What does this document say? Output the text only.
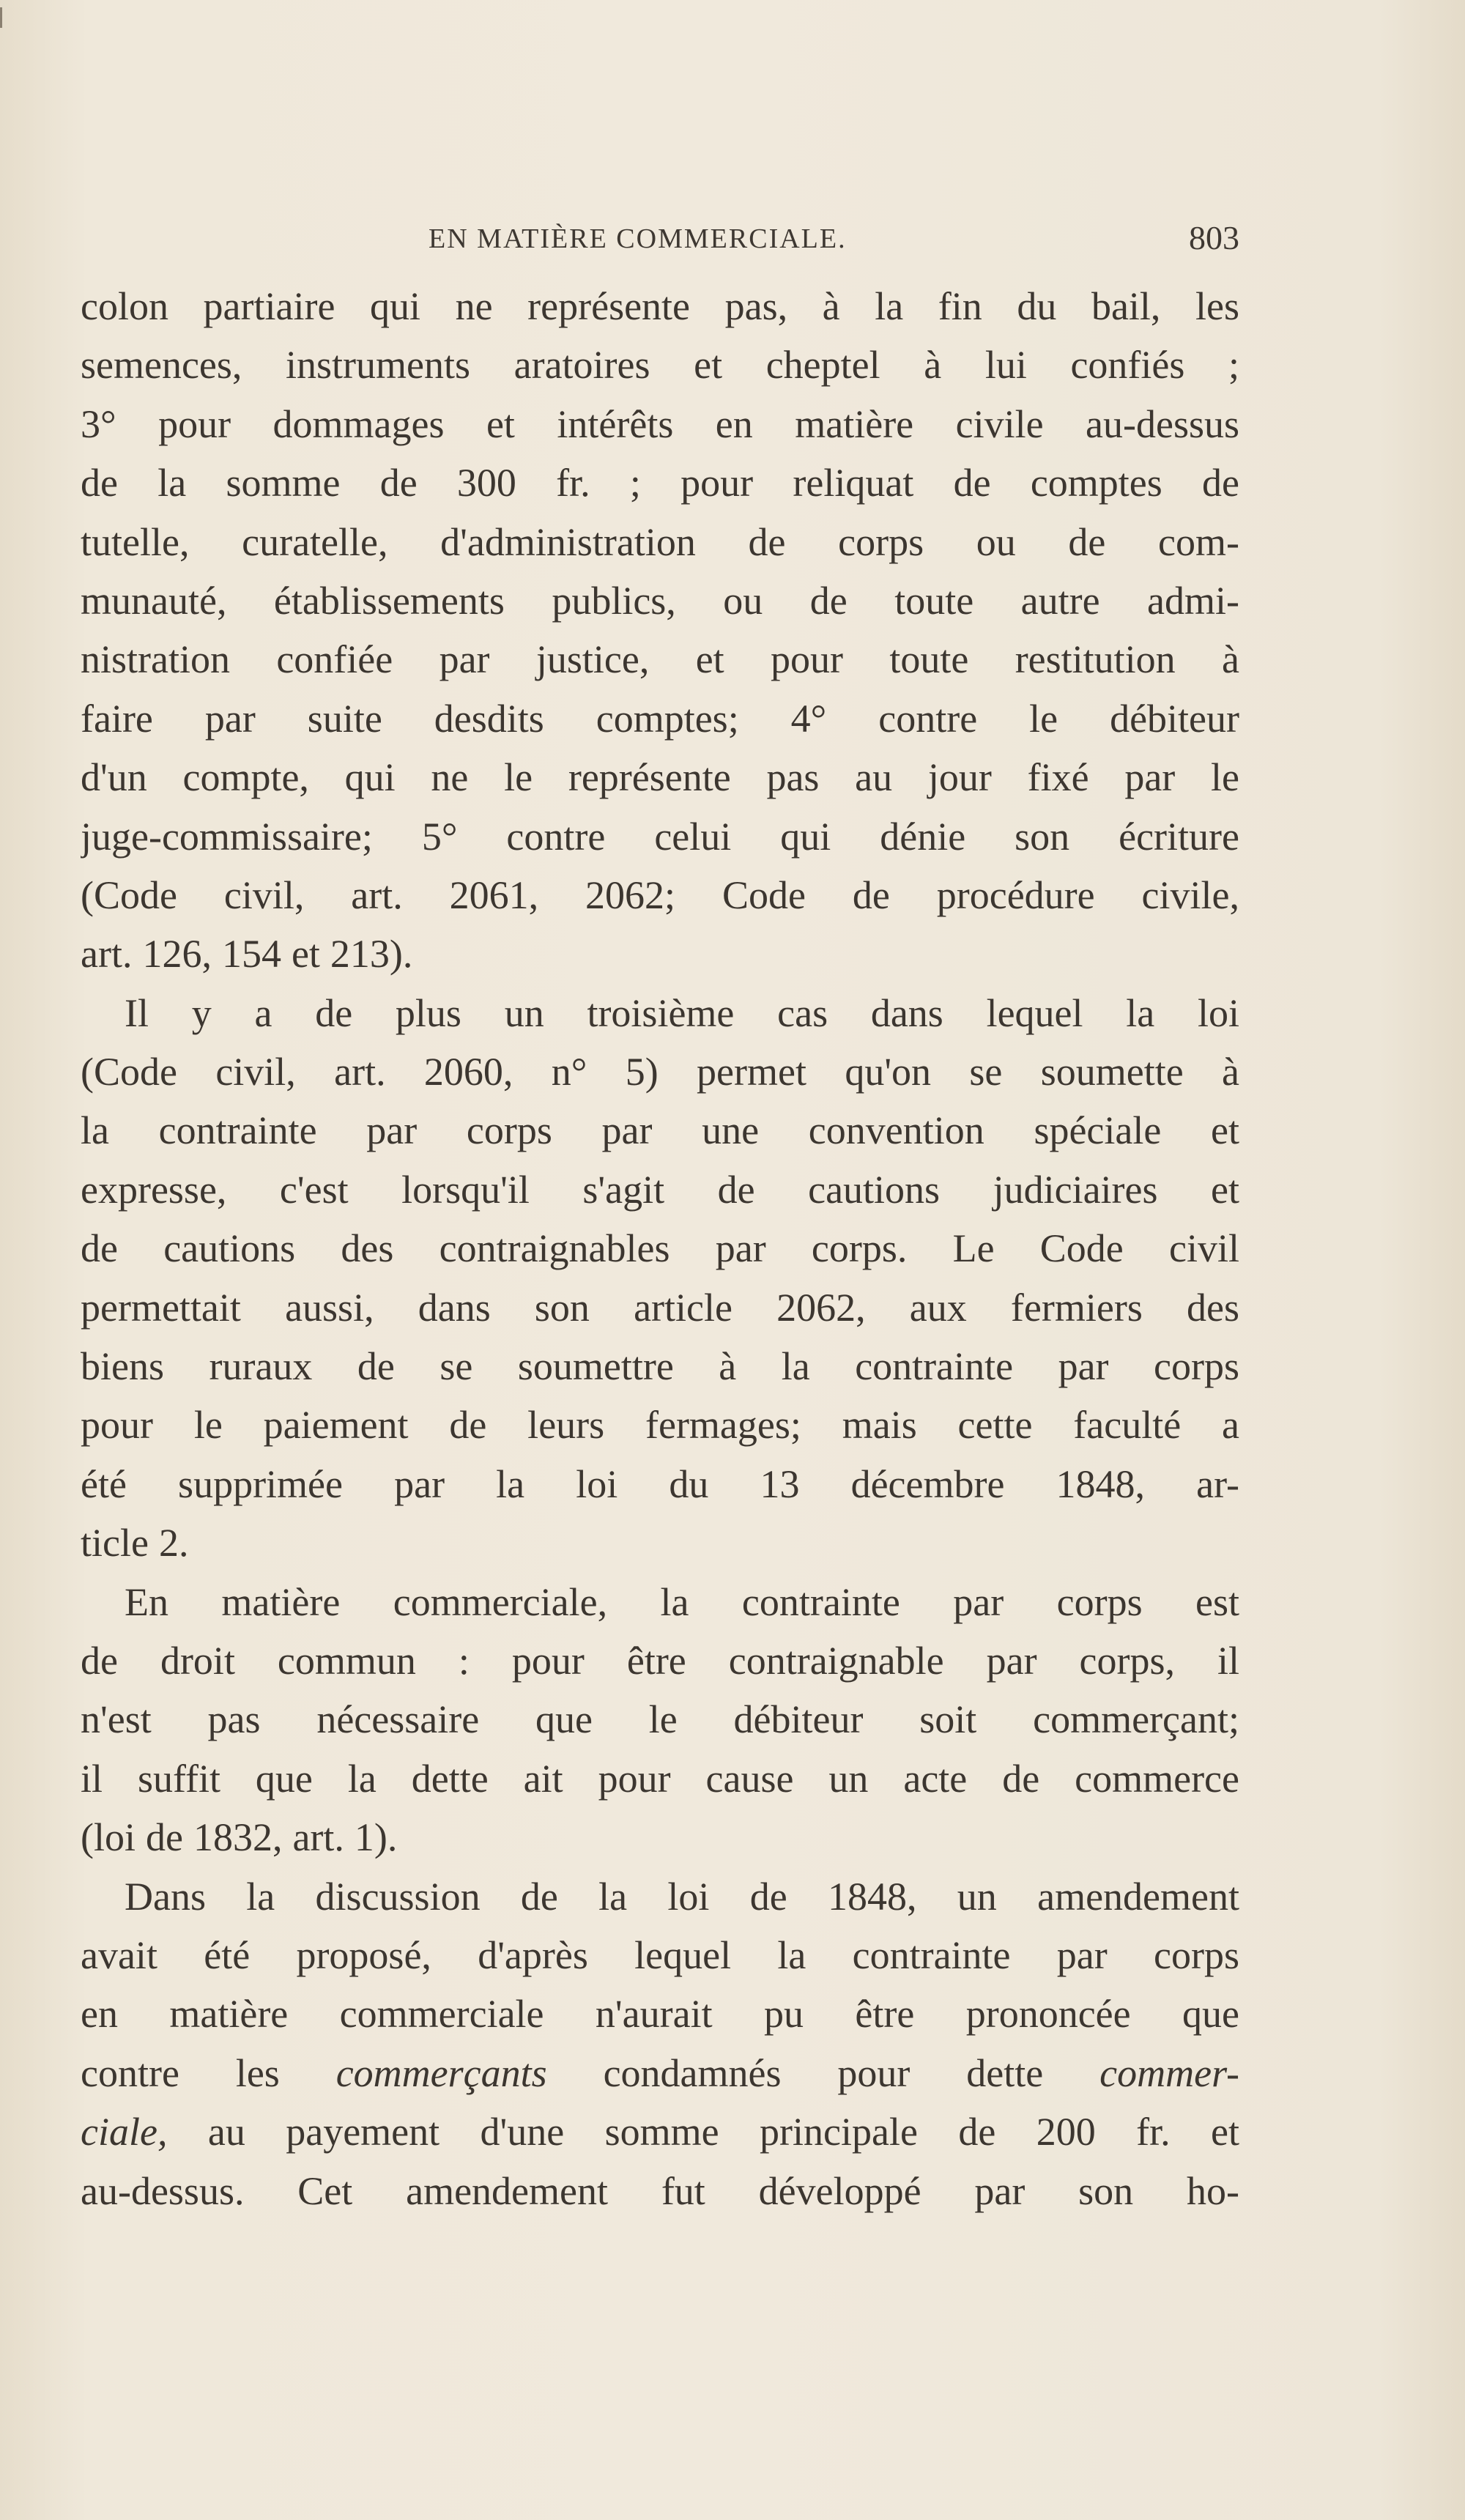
EN MATIÈRE COMMERCIALE.	803
colon partiaire qui ne représente pas, à la fin du bail, les
semences, instruments aratoires et cheptel à lui confiés ;
3° pour dommages et intérêts en matière civile au-dessus
de la somme de 300 fr. ; pour reliquat de comptes de
tutelle, curatelle, d'administration de corps ou de com-
munauté, établissements publics, ou de toute autre admi-
nistration confiée par justice, et pour toute restitution à
faire par suite desdits comptes; 4° contre le débiteur
d'un compte, qui ne le représente pas au jour fixé par le
juge-commissaire; 5° contre celui qui dénie son écriture
(Code civil, art. 2061, 2062; Code de procédure civile,
art. 126, 154 et 213).
Il y a de plus un troisième cas dans lequel la loi
(Code civil, art. 2060, n° 5) permet qu'on se soumette à
la contrainte par corps par une convention spéciale et
expresse, c'est lorsqu'il s'agit de cautions judiciaires et
de cautions des contraignables par corps. Le Code civil
permettait aussi, dans son article 2062, aux fermiers des
biens ruraux de se soumettre à la contrainte par corps
pour le paiement de leurs fermages; mais cette faculté a
été supprimée par la loi du 13 décembre 1848, ar-
ticle 2.
En matière commerciale, la contrainte par corps est
de droit commun : pour être contraignable par corps, il
n'est pas nécessaire que le débiteur soit commerçant;
il suffit que la dette ait pour cause un acte de commerce
(loi de 1832, art. 1).
Dans la discussion de la loi de 1848, un amendement
avait été proposé, d'après lequel la contrainte par corps
en matière commerciale n'aurait pu être prononcée que
contre les commerçants condamnés pour dette commer-
ciale, au payement d'une somme principale de 200 fr. et
au-dessus. Cet amendement fut développé par son ho-
